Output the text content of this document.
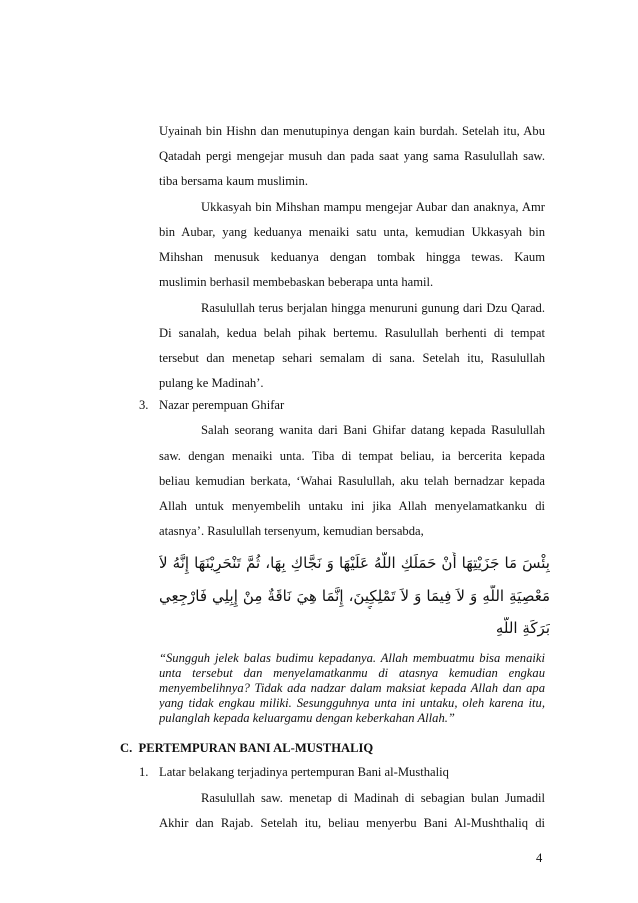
Uyainah bin Hishn dan menutupinya dengan kain burdah. Setelah itu, Abu
Qatadah pergi mengejar musuh dan pada saat yang sama Rasulullah saw.
tiba bersama kaum muslimin.
Ukkasyah bin Mihshan mampu mengejar Aubar dan anaknya, Amr
bin Aubar, yang keduanya menaiki satu unta, kemudian Ukkasyah bin
Mihshan menusuk keduanya dengan tombak hingga tewas. Kaum
muslimin berhasil membebaskan beberapa unta hamil.
Rasulullah terus berjalan hingga menuruni gunung dari Dzu Qarad.
Di sanalah, kedua belah pihak bertemu. Rasulullah berhenti di tempat
tersebut dan menetap sehari semalam di sana. Setelah itu, Rasulullah
pulang ke Madinah’.
3. Nazar perempuan Ghifar
Salah seorang wanita dari Bani Ghifar datang kepada Rasulullah
saw. dengan menaiki unta. Tiba di tempat beliau, ia bercerita kepada
beliau kemudian berkata, ‘Wahai Rasulullah, aku telah bernadzar kepada
Allah untuk menyembelih untaku ini jika Allah menyelamatkanku di
atasnya’. Rasulullah tersenyum, kemudian bersabda,
بِئْسَ مَا جَزَيْتِهَا أَنْ حَمَلَكِ اللَّهُ عَلَيْهَا وَ نَجَّاكِ بِهَا، ثُمَّ تَنْحَرِيْنَهَا إِنَّهُ لاَ
مَعْصِيَةِ اللَّهِ وَ لاَ فِيمَا وَ لاَ تَمْلِكِينَ، إِنَّمَا هِيَ نَاقَةٌ مِنْ إِبِلِي فَارْجِعِي
بَرَكَةِ اللَّهِ
“Sungguh jelek balas budimu kepadanya. Allah membuatmu bisa menaiki
unta tersebut dan menyelamatkanmu di atasnya kemudian engkau
menyembelihnya? Tidak ada nadzar dalam maksiat kepada Allah dan apa
yang tidak engkau miliki. Sesungguhnya unta ini untaku, oleh karena itu,
pulanglah kepada keluargamu dengan keberkahan Allah.”
C.  PERTEMPURAN BANI AL-MUSTHALIQ
1. Latar belakang terjadinya pertempuran Bani al-Musthaliq
Rasulullah saw. menetap di Madinah di sebagian bulan Jumadil
Akhir dan Rajab. Setelah itu, beliau menyerbu Bani Al-Mushthaliq di
4
